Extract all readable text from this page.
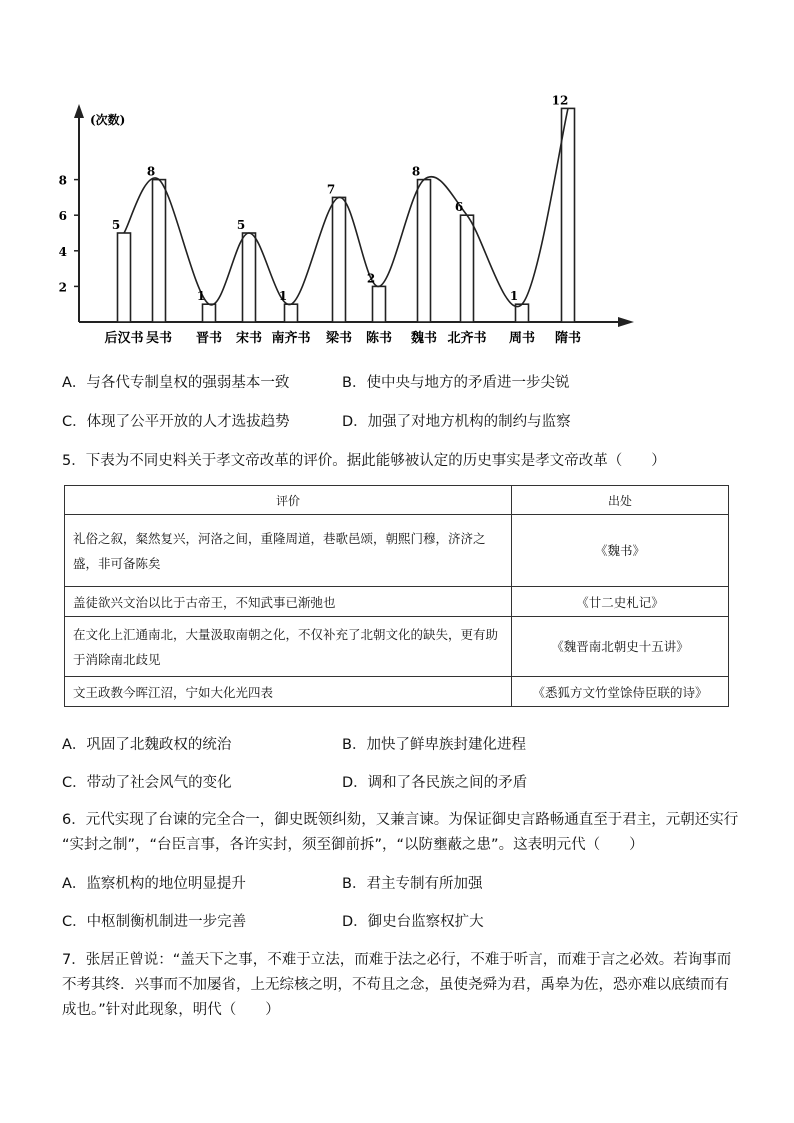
(次数)
2
4
6
8
5
8
1
5
1
7
2
8
6
1
12
后汉书 吴书 晋书 宋书 南齐书 梁书 陈书 魏书 北齐书 周书 隋书
A．与各代专制皇权的强弱基本一致	B．使中央与地方的矛盾进一步尖锐
C．体现了公平开放的人才选拔趋势	D．加强了对地方机构的制约与监察
5．下表为不同史料关于孝文帝改革的评价。据此能够被认定的历史事实是孝文帝改革（　　）
评价	出处
礼俗之叙，粲然复兴，河洛之间，重隆周道，巷歌邑颂，朝熙门穆，济济之盛，非可备陈矣	《魏书》
盖徒欲兴文治以比于古帝王，不知武事已渐弛也	《廿二史札记》
在文化上汇通南北，大量汲取南朝之化，不仅补充了北朝文化的缺失，更有助于消除南北歧见	《魏晋南北朝史十五讲》
文王政教今晖江沼，宁如大化光四表	《悉狐方文竹堂馀侍臣联的诗》
A．巩固了北魏政权的统治	B．加快了鲜卑族封建化进程
C．带动了社会风气的变化	D．调和了各民族之间的矛盾
6．元代实现了台谏的完全合一，御史既领纠劾，又兼言谏。为保证御史言路畅通直至于君主，元朝还实行
“实封之制”，“台臣言事，各许实封，须至御前拆”，“以防壅蔽之患”。这表明元代（　　）
A．监察机构的地位明显提升	B．君主专制有所加强
C．中枢制衡机制进一步完善	D．御史台监察权扩大
7．张居正曾说：“盖天下之事，不难于立法，而难于法之必行，不难于听言，而难于言之必效。若询事而不考其终．兴事而不加屡省，上无综核之明，不苟且之念，虽使尧舜为君，禹皋为佐，恐亦难以底绩而有成也。”针对此现象，明代（　　）
